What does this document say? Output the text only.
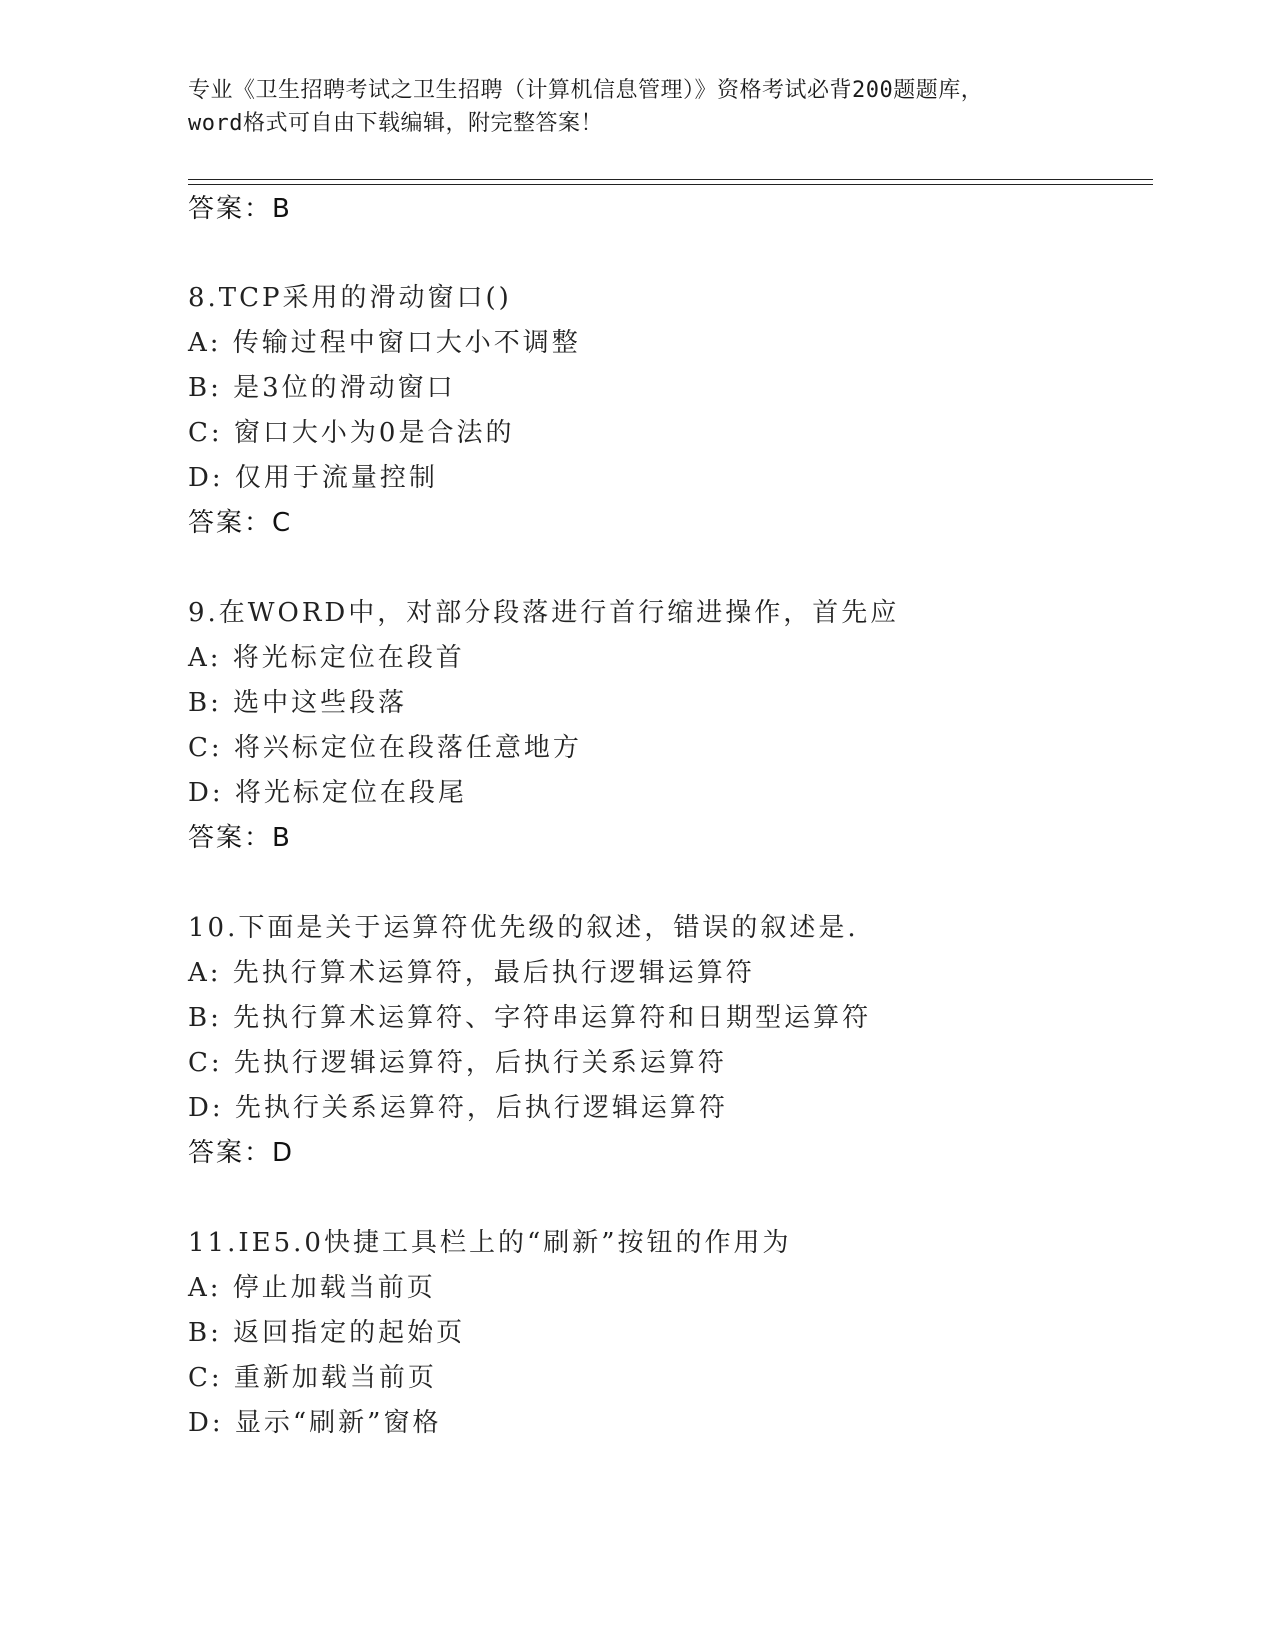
专业《卫生招聘考试之卫生招聘（计算机信息管理）》资格考试必背200题题库，
word格式可自由下载编辑，附完整答案！
答案：B
8.TCP采用的滑动窗口()
A: 传输过程中窗口大小不调整
B: 是3位的滑动窗口
C: 窗口大小为0是合法的
D: 仅用于流量控制
答案：C
9.在WORD中，对部分段落进行首行缩进操作，首先应
A: 将光标定位在段首
B: 选中这些段落
C: 将兴标定位在段落任意地方
D: 将光标定位在段尾
答案：B
10.下面是关于运算符优先级的叙述，错误的叙述是.
A: 先执行算术运算符，最后执行逻辑运算符
B: 先执行算术运算符、字符串运算符和日期型运算符
C: 先执行逻辑运算符，后执行关系运算符
D: 先执行关系运算符，后执行逻辑运算符
答案：D
11.IE5.0快捷工具栏上的“刷新”按钮的作用为
A: 停止加载当前页
B: 返回指定的起始页
C: 重新加载当前页
D: 显示“刷新”窗格
